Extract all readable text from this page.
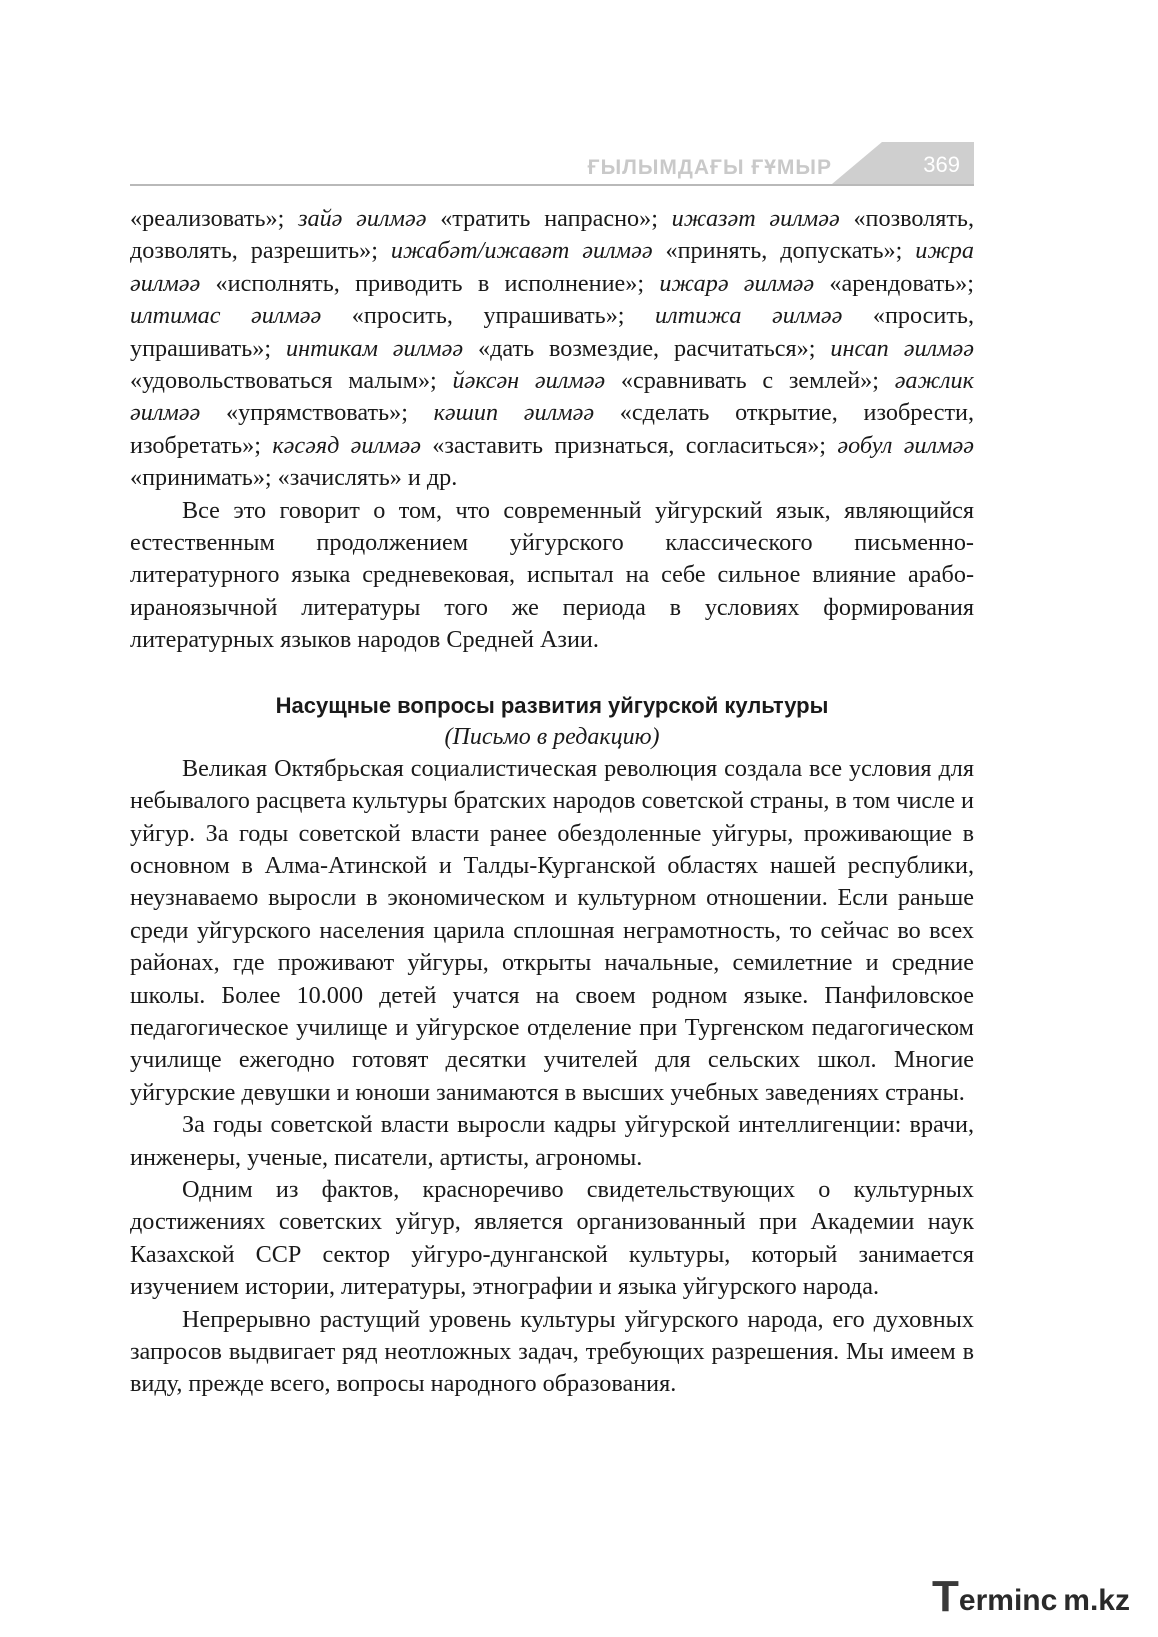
ҒЫЛЫМДАҒЫ ҒҰМЫР	369

«реализовать»; зайә әилмәә «тратить напрасно»; ижазәт әилмәә «позволять, дозволять, разрешить»; ижабәт/ижавәт әилмәә «принять, допускать»; ижра әилмәә «исполнять, приводить в исполнение»; ижарә әилмәә «арендовать»; илтимас әилмәә «просить, упрашивать»; илтижа әилмәә «просить, упрашивать»; интикам әилмәә «дать возмездие, расчитаться»; инсап әилмәә «удовольствоваться малым»; йәксән әилмәә «сравнивать с землей»; әажлик әилмәә «упрямствовать»; кәшип әилмәә «сделать открытие, изобрести, изобретать»; кәсәяд әилмәә «заставить признаться, согласиться»; әобул әилмәә «принимать»; «зачислять» и др.

Все это говорит о том, что современный уйгурский язык, являющийся естественным продолжением уйгурского классического письменно-литературного языка средневековая, испытал на себе сильное влияние арабо-ираноязычной литературы того же периода в условиях формирования литературных языков народов Средней Азии.

Насущные вопросы развития уйгурской культуры
(Письмо в редакцию)

Великая Октябрьская социалистическая революция создала все условия для небывалого расцвета культуры братских народов советской страны, в том числе и уйгур. За годы советской власти ранее обездоленные уйгуры, проживающие в основном в Алма-Атинской и Талды-Курганской областях нашей республики, неузнаваемо выросли в экономическом и культурном отношении. Если раньше среди уйгурского населения царила сплошная неграмотность, то сейчас во всех районах, где проживают уйгуры, открыты начальные, семилетние и средние школы. Более 10.000 детей учатся на своем родном языке. Панфиловское педагогическое училище и уйгурское отделение при Тургенском педагогическом училище ежегодно готовят десятки учителей для сельских школ. Многие уйгурские девушки и юноши занимаются в высших учебных заведениях страны.

За годы советской власти выросли кадры уйгурской интеллигенции: врачи, инженеры, ученые, писатели, артисты, агрономы.

Одним из фактов, красноречиво свидетельствующих о культурных достижениях советских уйгур, является организованный при Академии наук Казахской ССР сектор уйгуро-дунганской культуры, который занимается изучением истории, литературы, этнографии и языка уйгурского народа.

Непрерывно растущий уровень культуры уйгурского народа, его духовных запросов выдвигает ряд неотложных задач, требующих разрешения. Мы имеем в виду, прежде всего, вопросы народного образования.

T erminc m.kz
